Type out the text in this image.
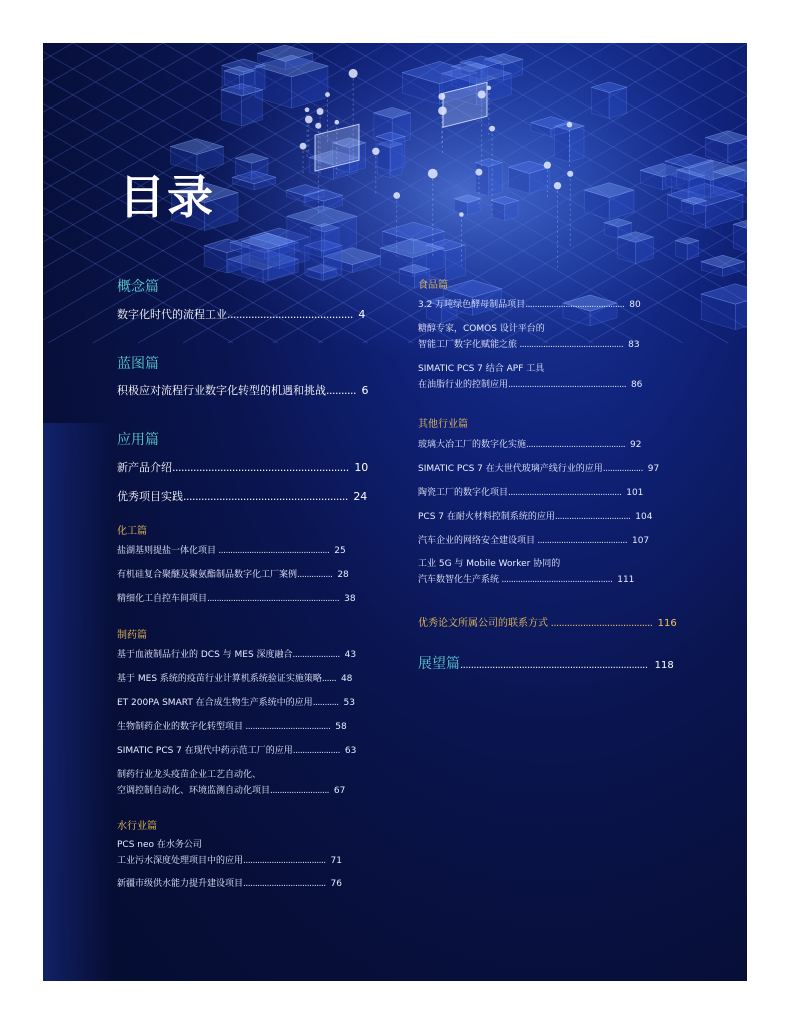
目录
概念篇
数字化时代的流程工业.......................................... 4
蓝图篇
积极应对流程行业数字化转型的机遇和挑战.......... 6
应用篇
新产品介绍........................................................... 10
优秀项目实践....................................................... 24
化工篇
盐湖基则提盐一体化项目 ............................................... 25
有机硅复合聚醚及聚氨酯制品数字化工厂案例............... 28
精细化工自控车间项目........................................................ 38
制药篇
基于血液制品行业的 DCS 与 MES 深度融合.................... 43
基于 MES 系统的疫苗行业计算机系统验证实施策略...... 48
ET 200PA SMART 在合成生物生产系统中的应用........... 53
生物制药企业的数字化转型项目 .................................... 58
SIMATIC PCS 7 在现代中药示范工厂的应用.................... 63
制药行业龙头疫苗企业工艺自动化、
空调控制自动化、环境监测自动化项目......................... 67
水行业篇
PCS neo 在水务公司
工业污水深度处理项目中的应用................................... 71
新疆市级供水能力提升建设项目................................... 76
食品篇
3.2 万吨绿色酵母制品项目.......................................... 80
糖醇专家，COMOS 设计平台的
智能工厂数字化赋能之旅 ............................................ 83
SIMATIC PCS 7 结合 APF 工具
在油脂行业的控制应用.................................................. 86
其他行业篇
玻璃大冶工厂的数字化实施.......................................... 92
SIMATIC PCS 7 在大世代玻璃产线行业的应用................. 97
陶瓷工厂的数字化项目................................................ 101
PCS 7 在耐火材料控制系统的应用................................ 104
汽车企业的网络安全建设项目 ...................................... 107
工业 5G 与 Mobile Worker 协同的
汽车数智化生产系统 ............................................... 111
优秀论文所属公司的联系方式 ...................................... 116
展望篇...................................................................... 118
